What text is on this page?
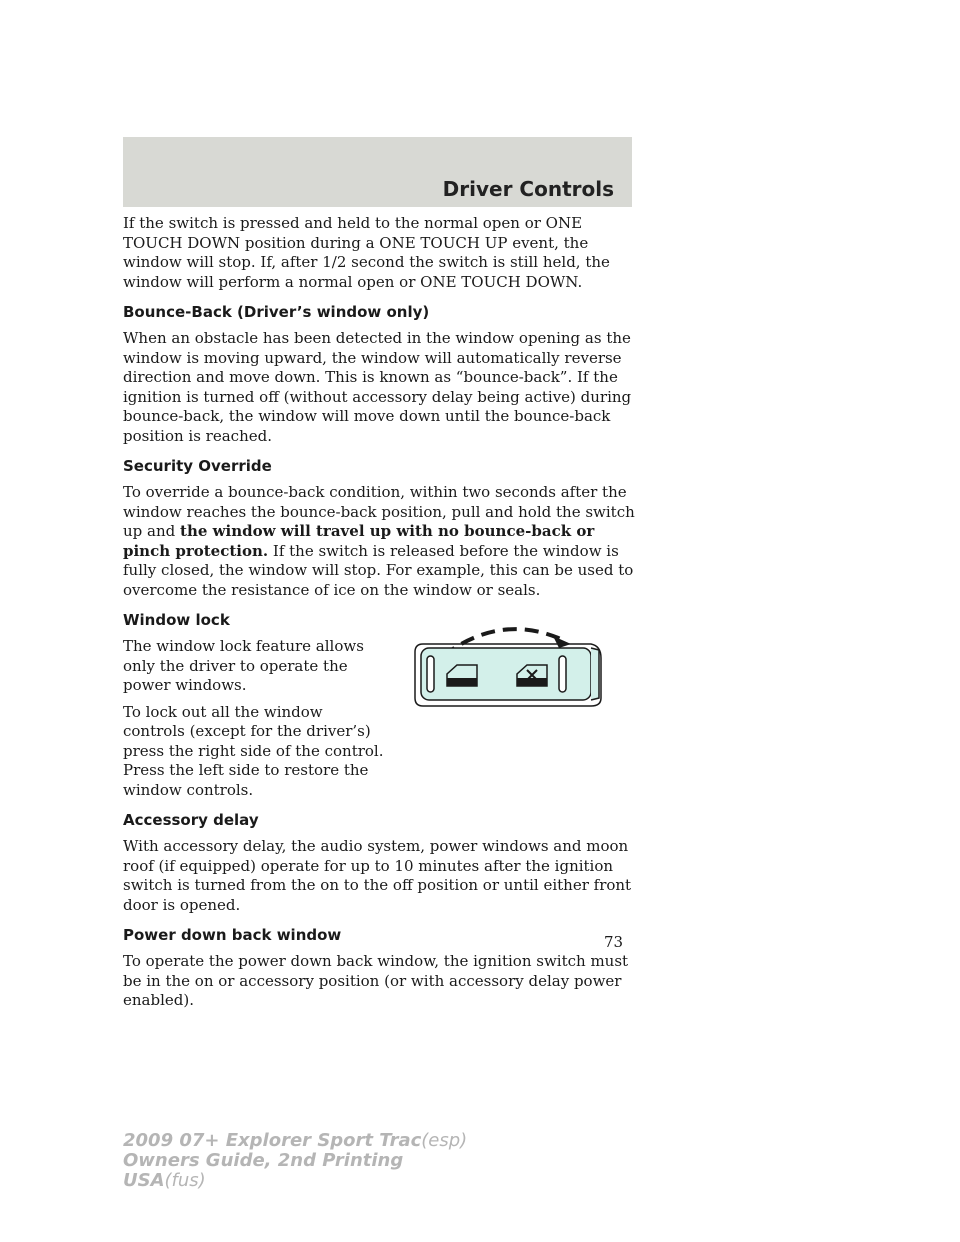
Driver Controls

If the switch is pressed and held to the normal open or ONE TOUCH DOWN position during a ONE TOUCH UP event, the window will stop. If, after 1/2 second the switch is still held, the window will perform a normal open or ONE TOUCH DOWN.

Bounce-Back (Driver’s window only)

When an obstacle has been detected in the window opening as the window is moving upward, the window will automatically reverse direction and move down. This is known as “bounce-back”. If the ignition is turned off (without accessory delay being active) during bounce-back, the window will move down until the bounce-back position is reached.

Security Override

To override a bounce-back condition, within two seconds after the window reaches the bounce-back position, pull and hold the switch up and the window will travel up with no bounce-back or pinch protection. If the switch is released before the window is fully closed, the window will stop. For example, this can be used to overcome the resistance of ice on the window or seals.

Window lock

The window lock feature allows only the driver to operate the power windows.

To lock out all the window controls (except for the driver’s) press the right side of the control. Press the left side to restore the window controls.

Accessory delay

With accessory delay, the audio system, power windows and moon roof (if equipped) operate for up to 10 minutes after the ignition switch is turned from the on to the off position or until either front door is opened.

Power down back window

To operate the power down back window, the ignition switch must be in the on or accessory position (or with accessory delay power enabled).

73
2009 07+ Explorer Sport Trac(esp)
Owners Guide, 2nd Printing
USA(fus)
